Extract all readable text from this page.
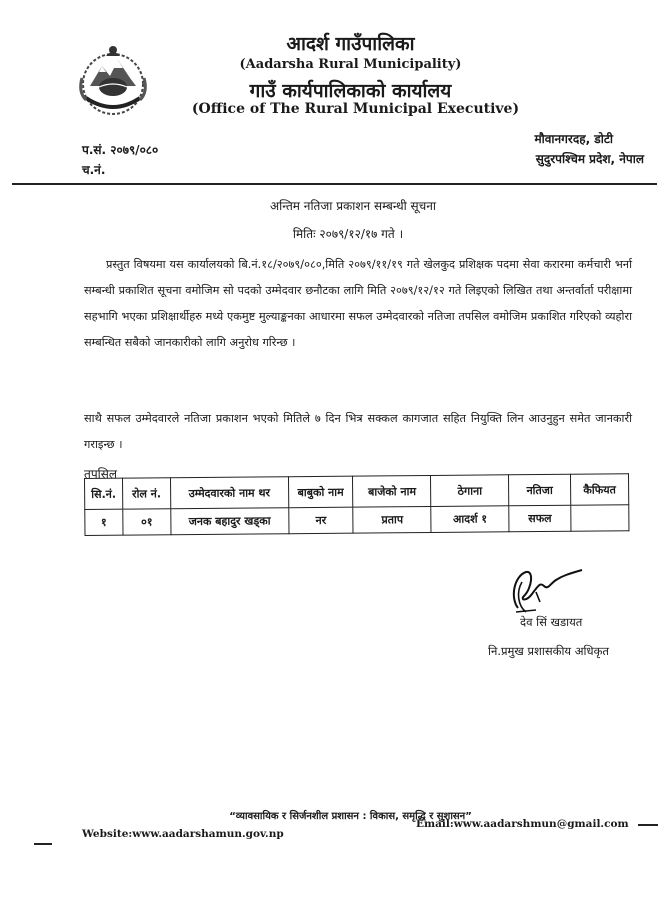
आदर्श गाउँपालिका
(Aadarsha Rural Municipality)
गाउँ कार्यपालिकाको कार्यालय
(Office of The Rural Municipal Executive)
प.सं. २०७९/०८०
च.नं.
मौवानगरदह, डोटी
सुदुरपश्चिम प्रदेश, नेपाल
अन्तिम नतिजा प्रकाशन सम्बन्धी सूचना
मितिः २०७९/१२/१७ गते ।

प्रस्तुत विषयमा यस कार्यालयको बि.नं.१८/२०७९/०८०,मिति २०७९/११/१९ गते खेलकुद प्रशिक्षक पदमा सेवा करारमा कर्मचारी भर्ना सम्बन्धी प्रकाशित सूचना वमोजिम सो पदको उम्मेदवार छनौटका लागि मिति २०७९/१२/१२ गते लिइएको लिखित तथा अन्तर्वार्ता परीक्षामा सहभागि भएका प्रशिक्षार्थीहरु मध्ये एकमुष्ट मुल्याङ्कनका आधारमा सफल उम्मेदवारको नतिजा तपसिल वमोजिम प्रकाशित गरिएको व्यहोरा सम्बन्धित सबैको जानकारीको लागि अनुरोध गरिन्छ ।

साथै सफल उम्मेदवारले नतिजा प्रकाशन भएको मितिले ७ दिन भित्र सक्कल कागजात सहित नियुक्ति लिन आउनुहुन समेत जानकारी गराइन्छ ।

तपसिल
सि.नं.	रोल नं.	उम्मेदवारको नाम थर	बाबुको नाम	बाजेको नाम	ठेगाना	नतिजा	कैफियत
१	०१	जनक बहादुर खड्का	नर	प्रताप	आदर्श १	सफल	
देव सिं खडायत
नि.प्रमुख प्रशासकीय अधिकृत
“व्यावसायिक र सिर्जनशील प्रशासन : विकास, समृद्धि र सुशासन”
Website:www.aadarshamun.gov.np
Email:www.aadarshmun@gmail.com
